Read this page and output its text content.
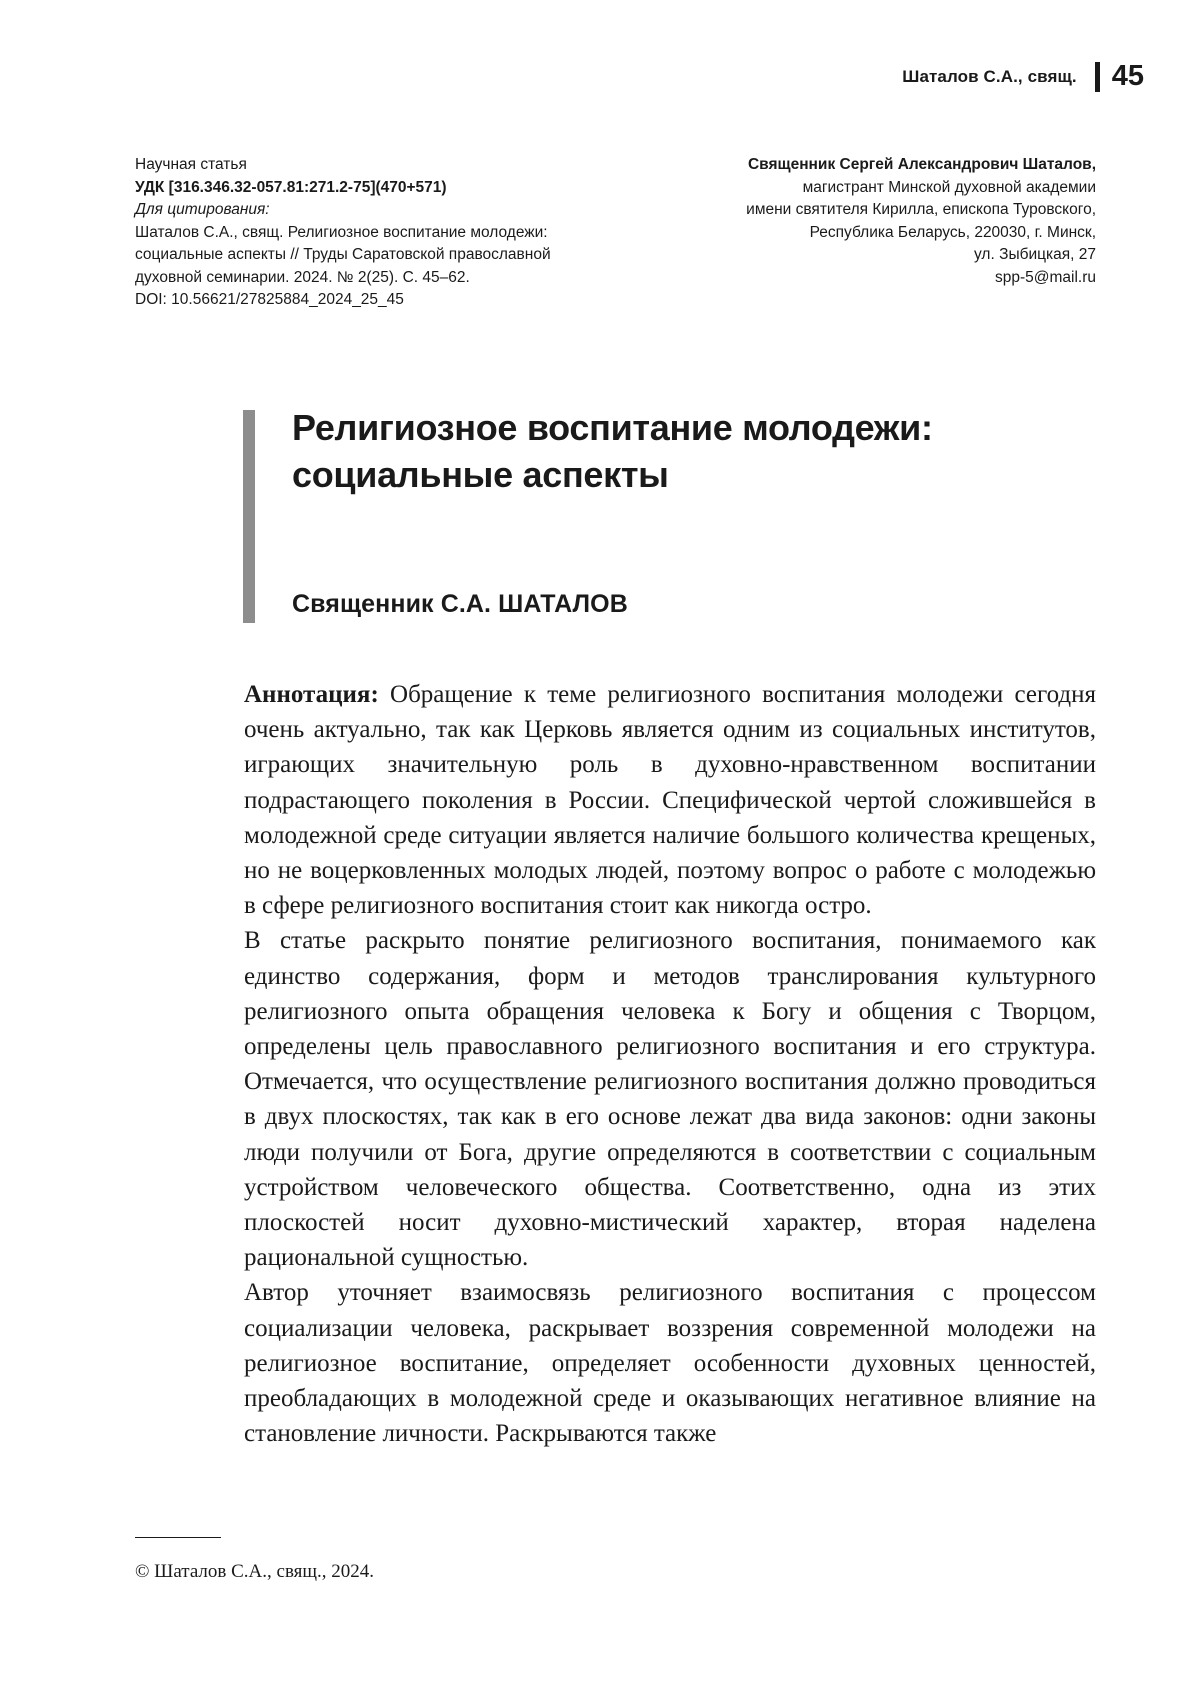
Шаталов С.А., свящ. 45
Научная статья
УДК [316.346.32-057.81:271.2-75](470+571)
Для цитирования:
Шаталов С.А., свящ. Религиозное воспитание молодежи:
социальные аспекты // Труды Саратовской православной
духовной семинарии. 2024. № 2(25). С. 45–62.
DOI: 10.56621/27825884_2024_25_45
Священник Сергей Александрович Шаталов,
магистрант Минской духовной академии
имени святителя Кирилла, епископа Туровского,
Республика Беларусь, 220030, г. Минск,
ул. Зыбицкая, 27
spp-5@mail.ru
Религиозное воспитание молодежи:
социальные аспекты
Священник С.А. ШАТАЛОВ

Аннотация: Обращение к теме религиозного воспитания молодежи сегодня очень актуально, так как Церковь является одним из социальных институтов, играющих значительную роль в духовно-нравственном воспитании подрастающего поколения в России. Специфической чертой сложившейся в молодежной среде ситуации является наличие большого количества крещеных, но не воцерковленных молодых людей, поэтому вопрос о работе с молодежью в сфере религиозного воспитания стоит как никогда остро.

В статье раскрыто понятие религиозного воспитания, понимаемого как единство содержания, форм и методов транслирования культурного религиозного опыта обращения человека к Богу и общения с Творцом, определены цель православного религиозного воспитания и его структура. Отмечается, что осуществление религиозного воспитания должно проводиться в двух плоскостях, так как в его основе лежат два вида законов: одни законы люди получили от Бога, другие определяются в соответствии с социальным устройством человеческого общества. Соответственно, одна из этих плоскостей носит духовно-мистический характер, вторая наделена рациональной сущностью.

Автор уточняет взаимосвязь религиозного воспитания с процессом социализации человека, раскрывает воззрения современной молодежи на религиозное воспитание, определяет особенности духовных ценностей, преобладающих в молодежной среде и оказывающих негативное влияние на становление личности. Раскрываются также

© Шаталов С.А., свящ., 2024.
